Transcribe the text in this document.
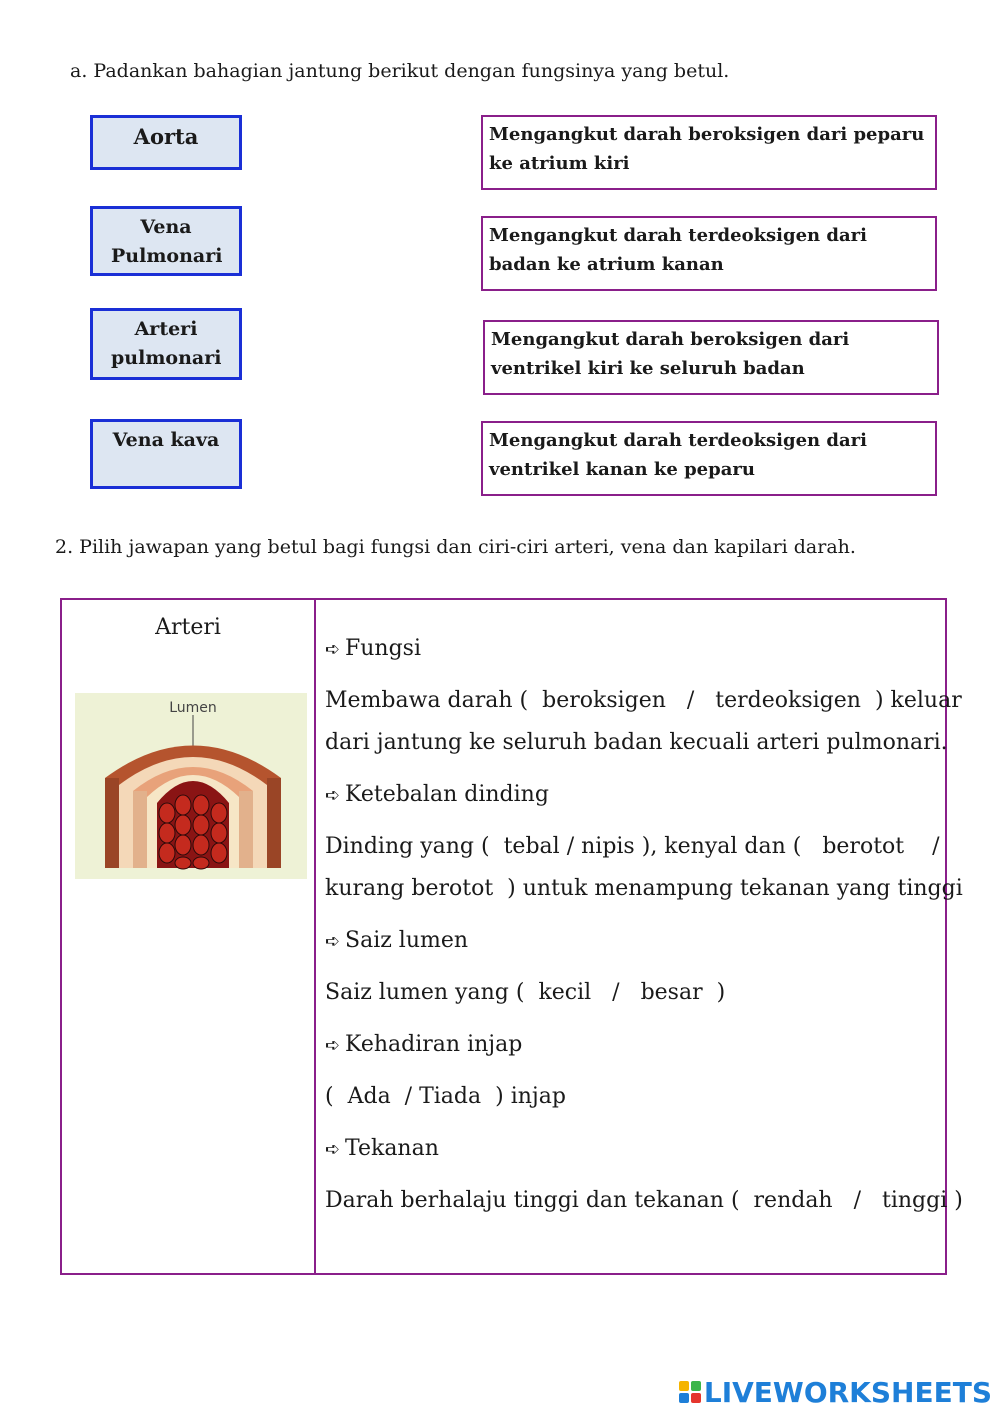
a. Padankan bahagian jantung berikut dengan fungsinya yang betul.
Aorta
Vena Pulmonari
Arteri pulmonari
Vena kava
Mengangkut darah beroksigen dari peparu ke atrium kiri
Mengangkut darah terdeoksigen dari badan ke atrium kanan
Mengangkut darah beroksigen dari ventrikel kiri ke seluruh badan
Mengangkut darah terdeoksigen dari ventrikel kanan ke peparu
2. Pilih jawapan yang betul bagi fungsi dan ciri-ciri arteri, vena dan kapilari darah.
Arteri
Lumen
➪ Fungsi
Membawa darah ( beroksigen   /   terdeoksigen ) keluar
dari jantung ke seluruh badan kecuali arteri pulmonari.
➪ Ketebalan dinding
Dinding yang ( tebal / nipis ), kenyal dan ( berotot    /
kurang berotot ) untuk menampung tekanan yang tinggi
➪ Saiz lumen
Saiz lumen yang ( kecil   /   besar )
➪ Kehadiran injap
( Ada  / Tiada ) injap
➪ Tekanan
Darah berhalaju tinggi dan tekanan ( rendah   /   tinggi )
LIVEWORKSHEETS
